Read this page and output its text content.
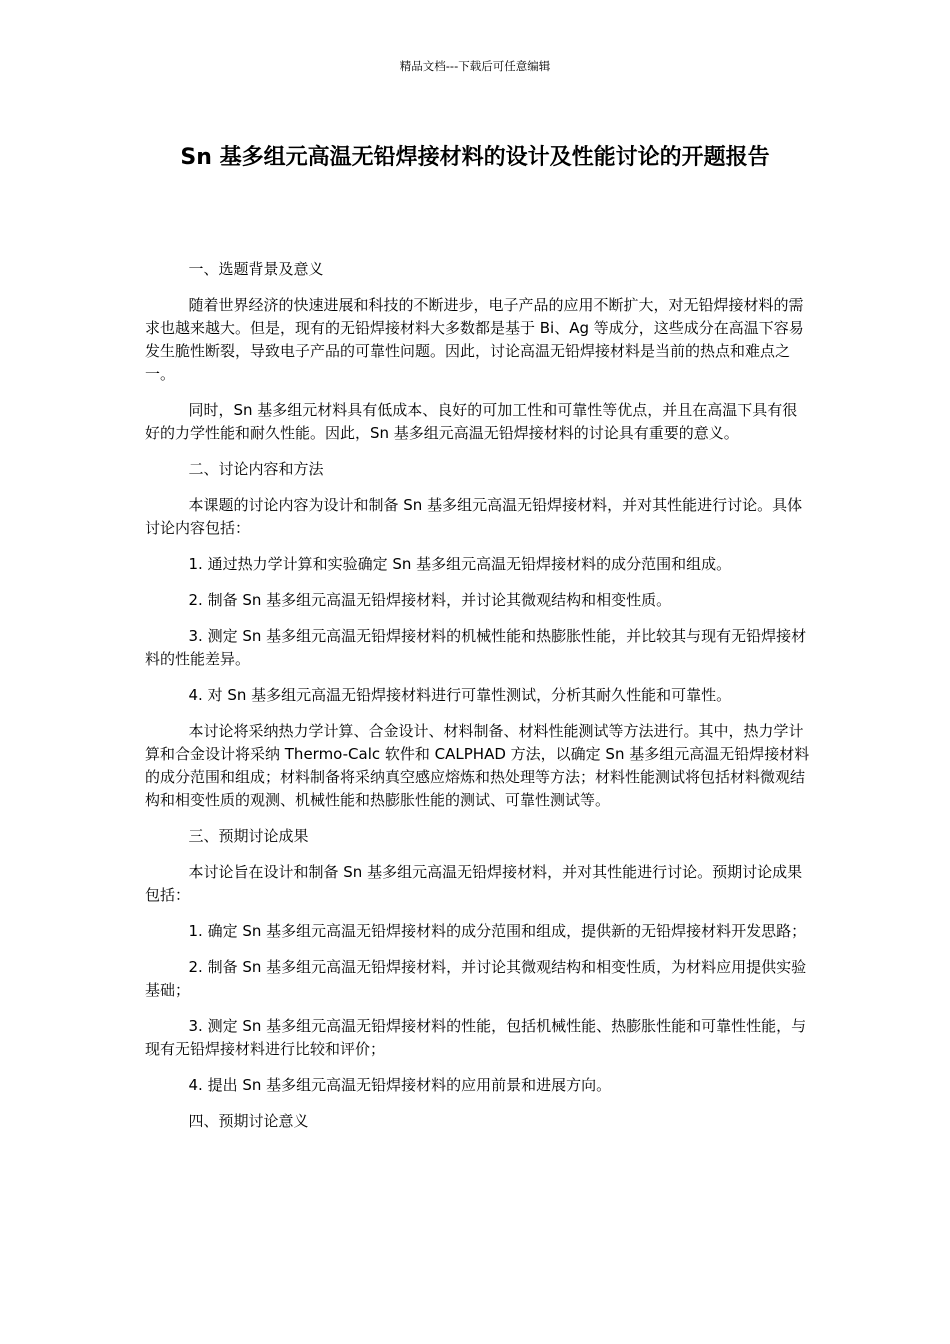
精品文档---下载后可任意编辑
Sn 基多组元高温无铅焊接材料的设计及性能讨论的开题报告

一、选题背景及意义

随着世界经济的快速进展和科技的不断进步，电子产品的应用不断扩大，对无铅焊接材料的需求也越来越大。但是，现有的无铅焊接材料大多数都是基于 Bi、Ag 等成分，这些成分在高温下容易发生脆性断裂，导致电子产品的可靠性问题。因此，讨论高温无铅焊接材料是当前的热点和难点之一。

同时，Sn 基多组元材料具有低成本、良好的可加工性和可靠性等优点，并且在高温下具有很好的力学性能和耐久性能。因此，Sn 基多组元高温无铅焊接材料的讨论具有重要的意义。

二、讨论内容和方法

本课题的讨论内容为设计和制备 Sn 基多组元高温无铅焊接材料，并对其性能进行讨论。具体讨论内容包括：

1. 通过热力学计算和实验确定 Sn 基多组元高温无铅焊接材料的成分范围和组成。

2. 制备 Sn 基多组元高温无铅焊接材料，并讨论其微观结构和相变性质。

3. 测定 Sn 基多组元高温无铅焊接材料的机械性能和热膨胀性能，并比较其与现有无铅焊接材料的性能差异。

4. 对 Sn 基多组元高温无铅焊接材料进行可靠性测试，分析其耐久性能和可靠性。

本讨论将采纳热力学计算、合金设计、材料制备、材料性能测试等方法进行。其中，热力学计算和合金设计将采纳 Thermo-Calc 软件和 CALPHAD 方法，以确定 Sn 基多组元高温无铅焊接材料的成分范围和组成；材料制备将采纳真空感应熔炼和热处理等方法；材料性能测试将包括材料微观结构和相变性质的观测、机械性能和热膨胀性能的测试、可靠性测试等。

三、预期讨论成果

本讨论旨在设计和制备 Sn 基多组元高温无铅焊接材料，并对其性能进行讨论。预期讨论成果包括：

1. 确定 Sn 基多组元高温无铅焊接材料的成分范围和组成，提供新的无铅焊接材料开发思路；

2. 制备 Sn 基多组元高温无铅焊接材料，并讨论其微观结构和相变性质，为材料应用提供实验基础；

3. 测定 Sn 基多组元高温无铅焊接材料的性能，包括机械性能、热膨胀性能和可靠性性能，与现有无铅焊接材料进行比较和评价；

4. 提出 Sn 基多组元高温无铅焊接材料的应用前景和进展方向。

四、预期讨论意义
